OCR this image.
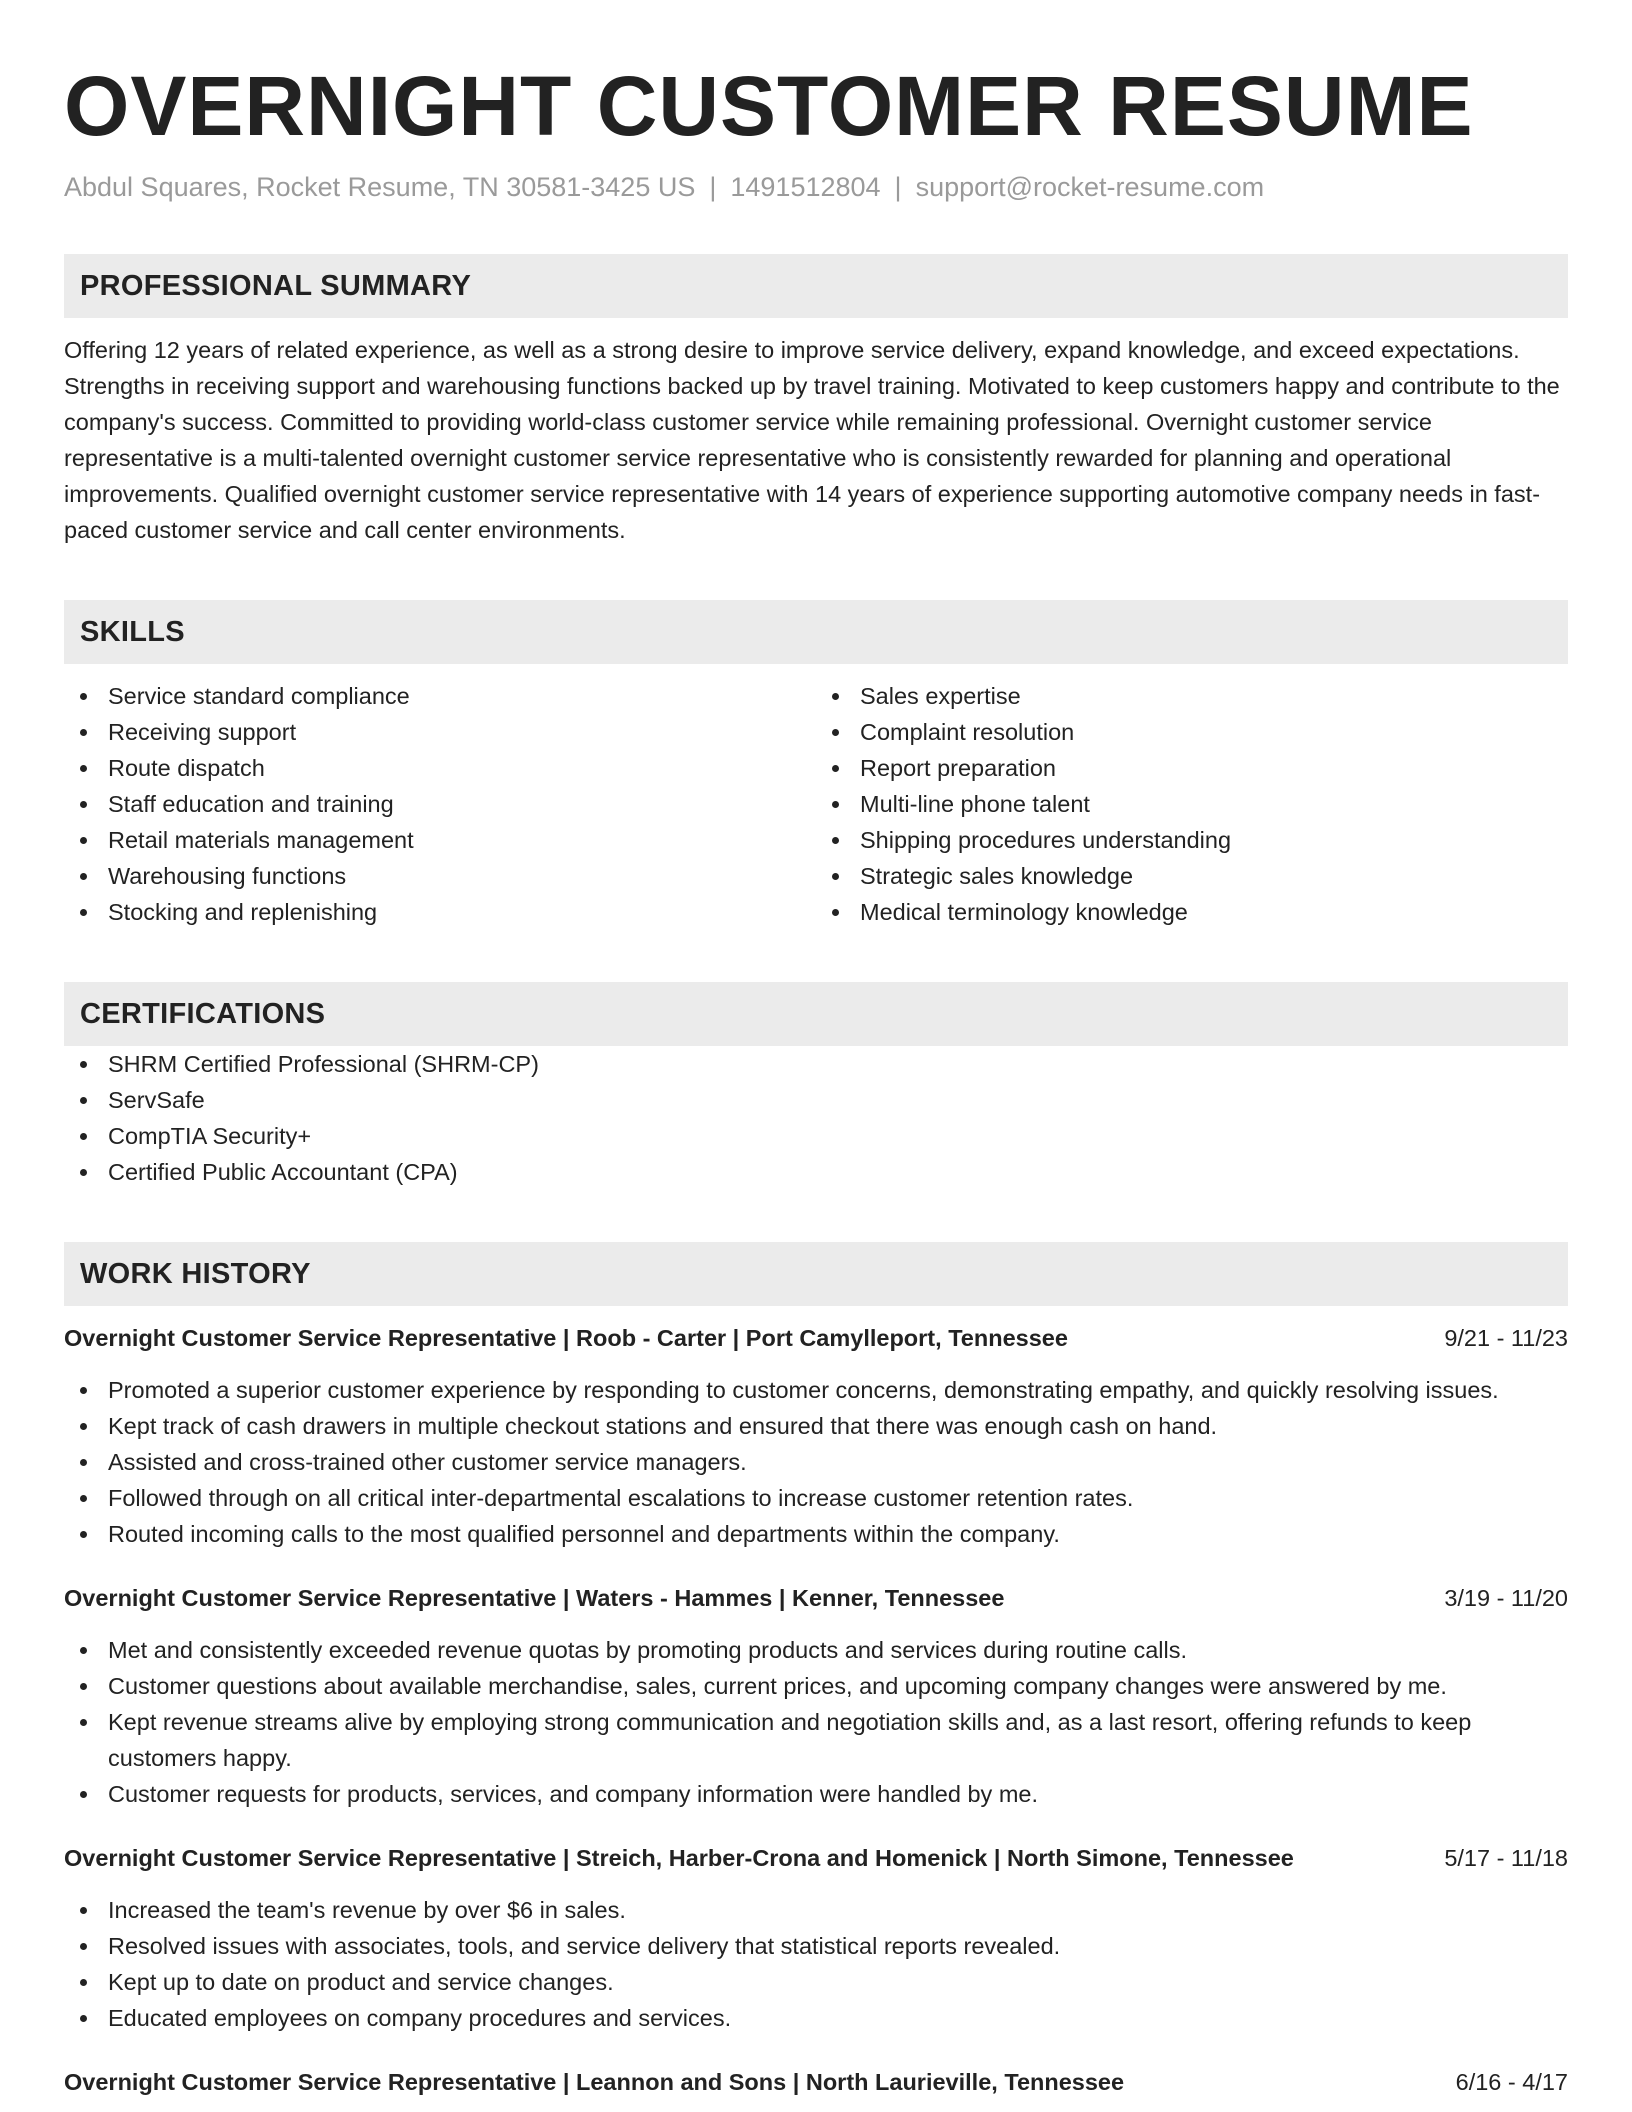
OVERNIGHT CUSTOMER RESUME
Abdul Squares, Rocket Resume, TN 30581-3425 US | 1491512804 | support@rocket-resume.com
PROFESSIONAL SUMMARY
Offering 12 years of related experience, as well as a strong desire to improve service delivery, expand knowledge, and exceed expectations. Strengths in receiving support and warehousing functions backed up by travel training. Motivated to keep customers happy and contribute to the company's success. Committed to providing world-class customer service while remaining professional. Overnight customer service representative is a multi-talented overnight customer service representative who is consistently rewarded for planning and operational improvements. Qualified overnight customer service representative with 14 years of experience supporting automotive company needs in fast-paced customer service and call center environments.
SKILLS
Service standard compliance
Receiving support
Route dispatch
Staff education and training
Retail materials management
Warehousing functions
Stocking and replenishing
Sales expertise
Complaint resolution
Report preparation
Multi-line phone talent
Shipping procedures understanding
Strategic sales knowledge
Medical terminology knowledge
CERTIFICATIONS
SHRM Certified Professional (SHRM-CP)
ServSafe
CompTIA Security+
Certified Public Accountant (CPA)
WORK HISTORY
Overnight Customer Service Representative | Roob - Carter | Port Camylleport, Tennessee	9/21 - 11/23
Promoted a superior customer experience by responding to customer concerns, demonstrating empathy, and quickly resolving issues.
Kept track of cash drawers in multiple checkout stations and ensured that there was enough cash on hand.
Assisted and cross-trained other customer service managers.
Followed through on all critical inter-departmental escalations to increase customer retention rates.
Routed incoming calls to the most qualified personnel and departments within the company.
Overnight Customer Service Representative | Waters - Hammes | Kenner, Tennessee	3/19 - 11/20
Met and consistently exceeded revenue quotas by promoting products and services during routine calls.
Customer questions about available merchandise, sales, current prices, and upcoming company changes were answered by me.
Kept revenue streams alive by employing strong communication and negotiation skills and, as a last resort, offering refunds to keep customers happy.
Customer requests for products, services, and company information were handled by me.
Overnight Customer Service Representative | Streich, Harber-Crona and Homenick | North Simone, Tennessee	5/17 - 11/18
Increased the team's revenue by over $6 in sales.
Resolved issues with associates, tools, and service delivery that statistical reports revealed.
Kept up to date on product and service changes.
Educated employees on company procedures and services.
Overnight Customer Service Representative | Leannon and Sons | North Laurieville, Tennessee	6/16 - 4/17
